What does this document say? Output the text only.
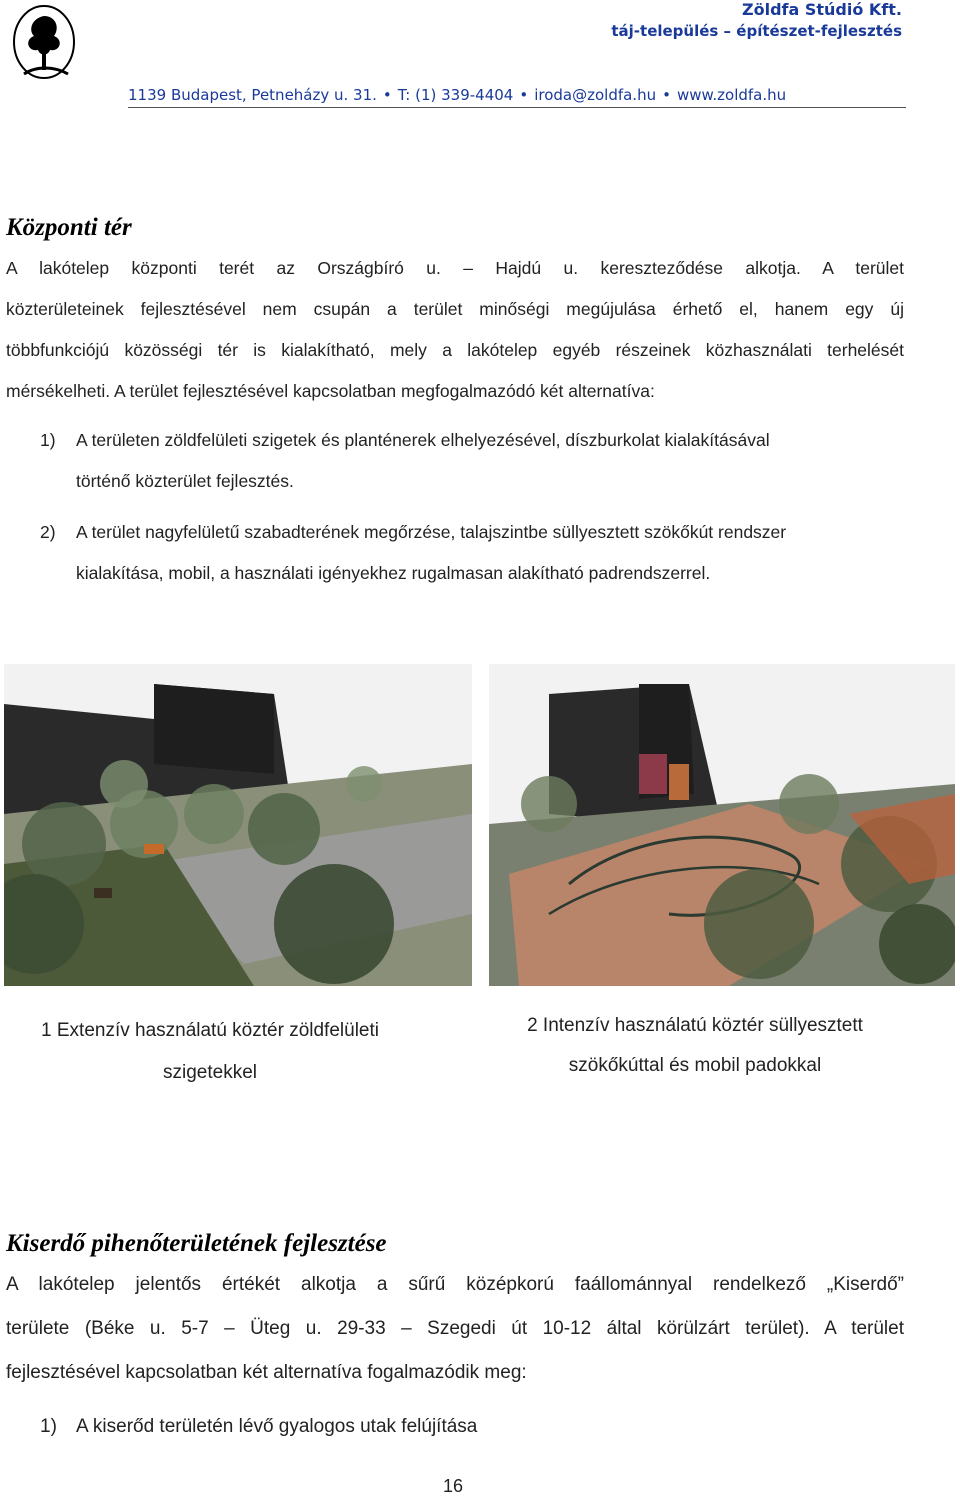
Zöldfa Stúdió Kft.
táj-település – építészet-fejlesztés
1139 Budapest, Petneházy u. 31. • T: (1) 339-4404 • iroda@zoldfa.hu • www.zoldfa.hu
Központi tér
A lakótelep központi terét az Országbíró u. – Hajdú u. kereszteződése alkotja. A terület
közterületeinek fejlesztésével nem csupán a terület minőségi megújulása érhető el, hanem egy új
többfunkciójú közösségi tér is kialakítható, mely a lakótelep egyéb részeinek közhasználati terhelését
mérsékelheti. A terület fejlesztésével kapcsolatban megfogalmazódó két alternatíva:
1) A területen zöldfelületi szigetek és planténerek elhelyezésével, díszburkolat kialakításával
történő közterület fejlesztés.
2) A terület nagyfelületű szabadterének megőrzése, talajszintbe süllyesztett szökőkút rendszer
kialakítása, mobil, a használati igényekhez rugalmasan alakítható padrendszerrel.
1 Extenzív használatú köztér zöldfelületi
szigetekkel
2 Intenzív használatú köztér süllyesztett
szökőkúttal és mobil padokkal
Kiserdő pihenőterületének fejlesztése
A lakótelep jelentős értékét alkotja a sűrű középkorú faállománnyal rendelkező „Kiserdő”
területe (Béke u. 5-7 – Üteg u. 29-33 – Szegedi út 10-12 által körülzárt terület). A terület
fejlesztésével kapcsolatban két alternatíva fogalmazódik meg:
1) A kiserőd területén lévő gyalogos utak felújítása
16
